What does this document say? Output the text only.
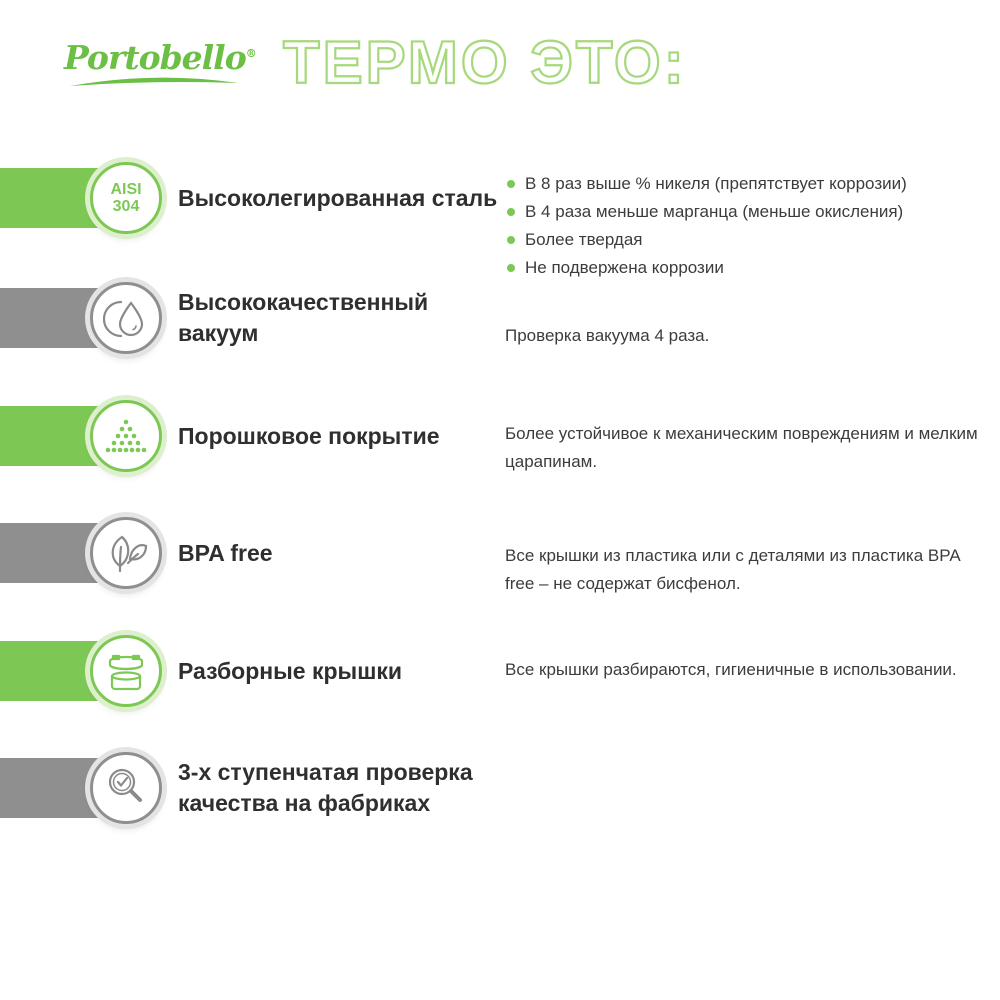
Portobello® ТЕРМО ЭТО:
AISI
304 Высоколегированная сталь
В 8 раз выше % никеля (препятствует коррозии)
В 4 раза меньше марганца (меньше окисления)
Более твердая
Не подвержена коррозии
Высококачественный вакуум	Проверка вакуума 4 раза.
Порошковое покрытие	Более устойчивое к механическим повреждениям и мелким царапинам.
BPA free	Все крышки из пластика или с деталями из пластика BPA free – не содержат бисфенол.
Разборные крышки	Все крышки разбираются, гигиеничные в использовании.
3-х ступенчатая проверка качества на фабриках
